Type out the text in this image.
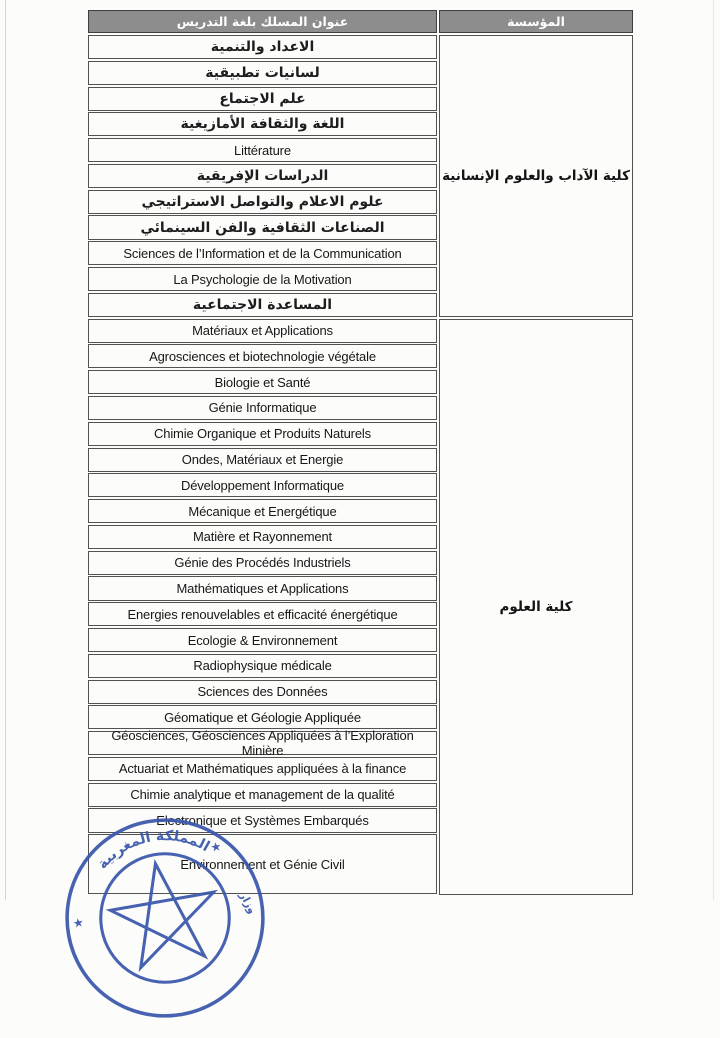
عنوان المسلك بلغة التدريس
الاعداد والتنمية
لسانيات تطبيقية
علم الاجتماع
اللغة والثقافة الأمازيغية
Littérature
الدراسات الإفريقية
علوم الاعلام والتواصل الاستراتيجي
الصناعات الثقافية والفن السينمائي
Sciences de l’Information et de la Communication
La Psychologie de la Motivation
المساعدة الاجتماعية
Matériaux et Applications
Agrosciences et biotechnologie végétale
Biologie et Santé
Génie Informatique
Chimie Organique et Produits Naturels
Ondes, Matériaux et Energie
Développement Informatique
Mécanique et Energétique
Matière et Rayonnement
Génie des Procédés Industriels
Mathématiques et Applications
Energies renouvelables et efficacité énergétique
Ecologie & Environnement
Radiophysique médicale
Sciences des Données
Géomatique et Géologie Appliquée
Géosciences, Géosciences Appliquées à l’Exploration Minière
Actuariat et Mathématiques appliquées à la finance
Chimie analytique et management de la qualité
Electronique et Systèmes Embarqués
Environnement et Génie Civil
المؤسسة
كلية الآداب والعلوم الإنسانية
كلية العلوم
المملكة المغربية
★
★
وزار
